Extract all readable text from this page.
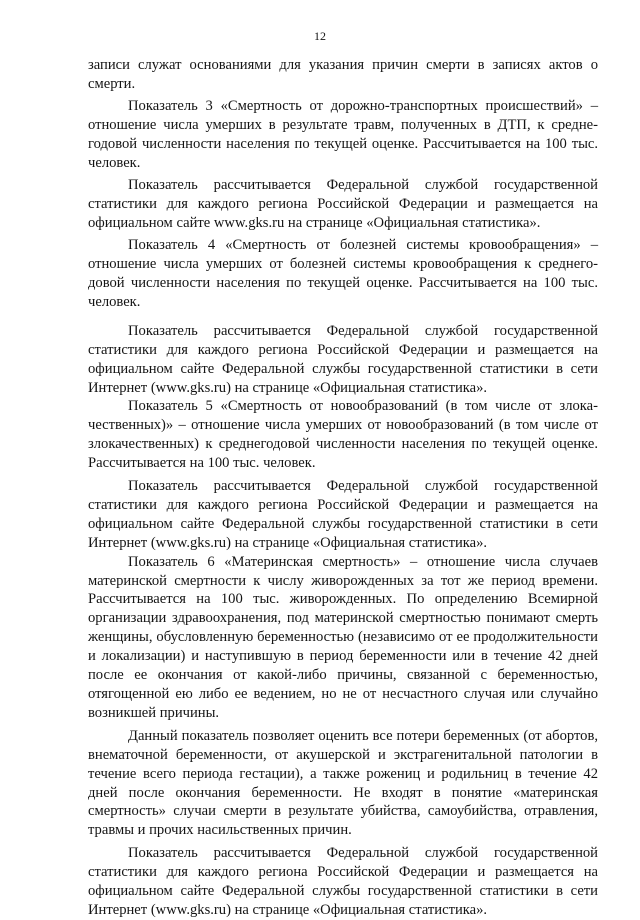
12

записи служат основаниями для указания причин смерти в записях актов о смерти.

Показатель 3 «Смертность от дорожно-транспортных происшествий» – отношение числа умерших в результате травм, полученных в ДТП, к среднегодовой численности населения по текущей оценке. Рассчитывается на 100 тыс. человек.

Показатель рассчитывается Федеральной службой государственной статистики для каждого региона Российской Федерации и размещается на официальном сайте www.gks.ru на странице «Официальная статистика».

Показатель 4 «Смертность от болезней системы кровообращения» – отношение числа умерших от болезней системы кровообращения к среднегодовой численности населения по текущей оценке. Рассчитывается на 100 тыс. человек.

Показатель рассчитывается Федеральной службой государственной статистики для каждого региона Российской Федерации и размещается на официальном сайте Федеральной службы государственной статистики в сети Интернет (www.gks.ru) на странице «Официальная статистика».

Показатель 5 «Смертность от новообразований (в том числе от злокачественных)» – отношение числа умерших от новообразований (в том числе от злокачественных) к среднегодовой численности населения по текущей оценке. Рассчитывается на 100 тыс. человек.

Показатель рассчитывается Федеральной службой государственной статистики для каждого региона Российской Федерации и размещается на официальном сайте Федеральной службы государственной статистики в сети Интернет (www.gks.ru) на странице «Официальная статистика».

Показатель 6 «Материнская смертность» – отношение числа случаев материнской смертности к числу живорожденных за тот же период времени. Рассчитывается на 100 тыс. живорожденных. По определению Всемирной организации здравоохранения, под материнской смертностью понимают смерть женщины, обусловленную беременностью (независимо от ее продолжительности и локализации) и наступившую в период беременности или в течение 42 дней после ее окончания от какой-либо причины, связанной с беременностью, отягощенной ею либо ее ведением, но не от несчастного случая или случайно возникшей причины.

Данный показатель позволяет оценить все потери беременных (от абортов, внематочной беременности, от акушерской и экстрагенитальной патологии в течение всего периода гестации), а также рожениц и родильниц в течение 42 дней после окончания беременности. Не входят в понятие «материнская смертность» случаи смерти в результате убийства, самоубийства, отравления, травмы и прочих насильственных причин.

Показатель рассчитывается Федеральной службой государственной статистики для каждого региона Российской Федерации и размещается на официальном сайте Федеральной службы государственной статистики в сети Интернет (www.gks.ru) на странице «Официальная статистика».
